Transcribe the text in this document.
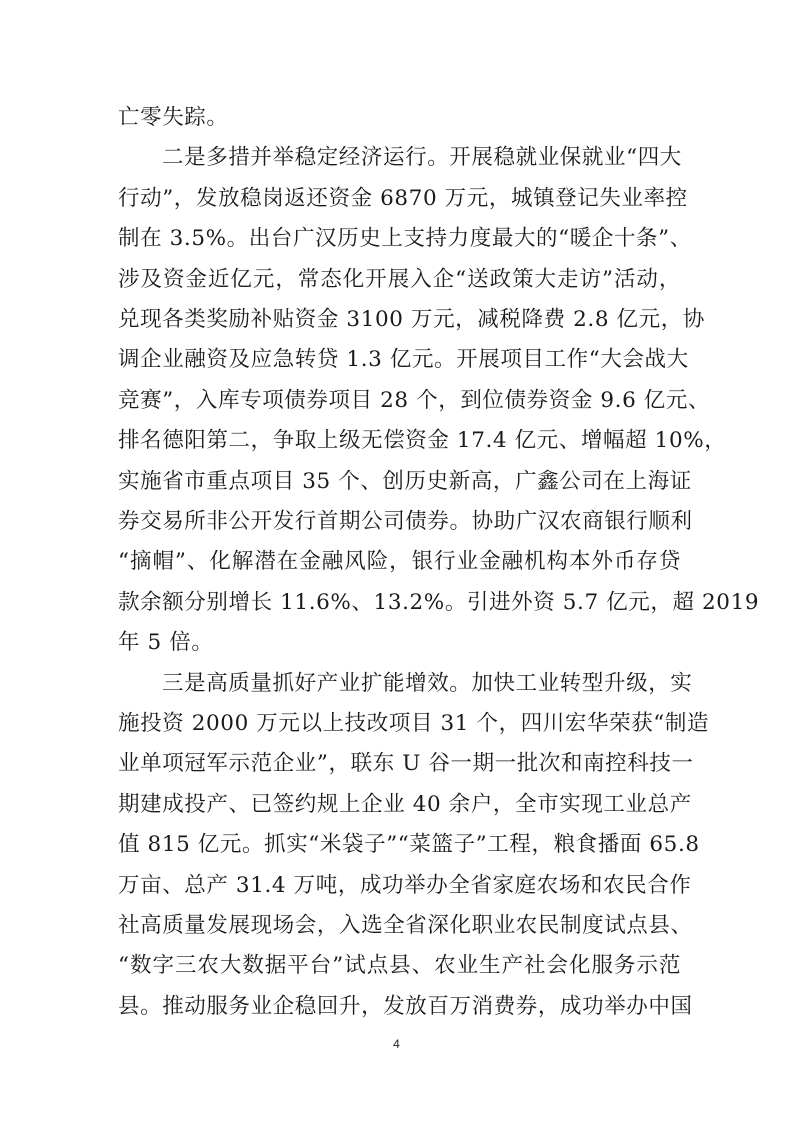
亡零失踪。
二是多措并举稳定经济运行。开展稳就业保就业“四大
行动”，发放稳岗返还资金 6870 万元，城镇登记失业率控
制在 3.5%。出台广汉历史上支持力度最大的“暖企十条”、
涉及资金近亿元，常态化开展入企“送政策大走访”活动，
兑现各类奖励补贴资金 3100 万元，减税降费 2.8 亿元，协
调企业融资及应急转贷 1.3 亿元。开展项目工作“大会战大
竞赛”，入库专项债券项目 28 个，到位债券资金 9.6 亿元、
排名德阳第二，争取上级无偿资金 17.4 亿元、增幅超 10%，
实施省市重点项目 35 个、创历史新高，广鑫公司在上海证
券交易所非公开发行首期公司债券。协助广汉农商银行顺利
“摘帽”、化解潜在金融风险，银行业金融机构本外币存贷
款余额分别增长 11.6%、13.2%。引进外资 5.7 亿元，超 2019
年 5 倍。
三是高质量抓好产业扩能增效。加快工业转型升级，实
施投资 2000 万元以上技改项目 31 个，四川宏华荣获“制造
业单项冠军示范企业”，联东 U 谷一期一批次和南控科技一
期建成投产、已签约规上企业 40 余户，全市实现工业总产
值 815 亿元。抓实“米袋子”“菜篮子”工程，粮食播面 65.8
万亩、总产 31.4 万吨，成功举办全省家庭农场和农民合作
社高质量发展现场会，入选全省深化职业农民制度试点县、
“数字三农大数据平台”试点县、农业生产社会化服务示范
县。推动服务业企稳回升，发放百万消费券，成功举办中国
4
